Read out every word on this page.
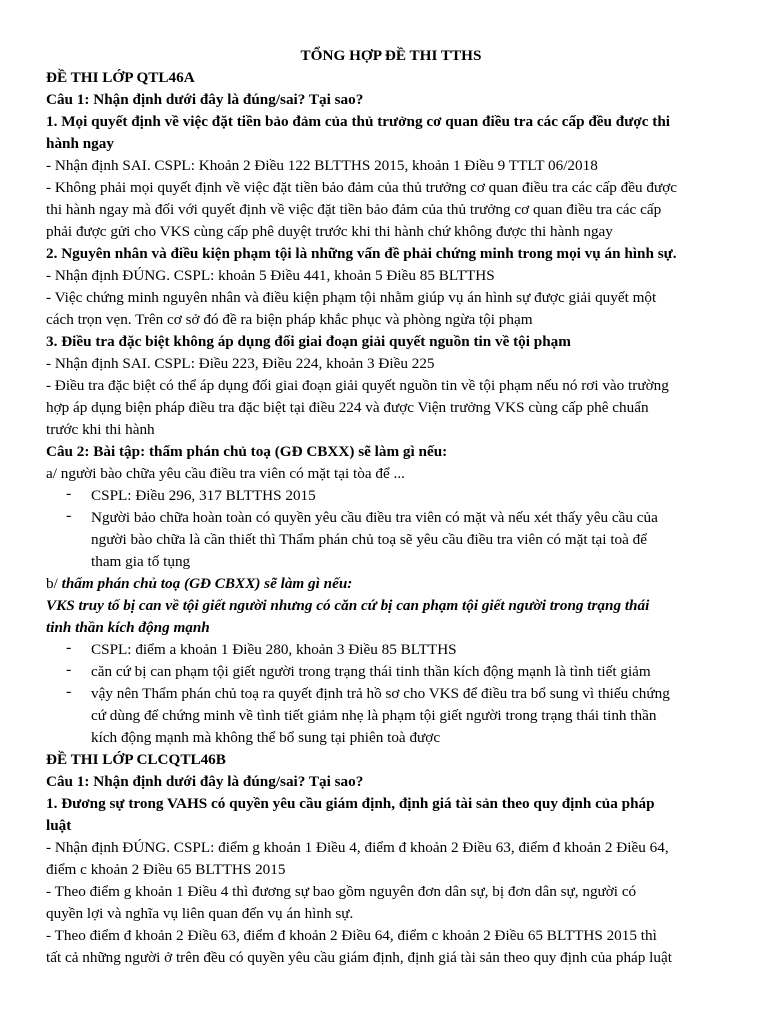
TỔNG HỢP ĐỀ THI TTHS
ĐỀ THI LỚP QTL46A
Câu 1: Nhận định dưới đây là đúng/sai? Tại sao?
1. Mọi quyết định về việc đặt tiền bảo đảm của thủ trưởng cơ quan điều tra các cấp đều được thi
hành ngay
- Nhận định SAI. CSPL: Khoản 2 Điều 122 BLTTHS 2015, khoản 1 Điều 9 TTLT 06/2018
- Không phải mọi quyết định về việc đặt tiền bảo đảm của thủ trưởng cơ quan điều tra các cấp đều được
thi hành ngay mà đối với quyết định về việc đặt tiền bảo đảm của thủ trưởng cơ quan điều tra các cấp
phải được gửi cho VKS cùng cấp phê duyệt trước khi thi hành chứ không được thi hành ngay
2. Nguyên nhân và điều kiện phạm tội là những vấn đề phải chứng minh trong mọi vụ án hình sự.
- Nhận định ĐÚNG. CSPL: khoản 5 Điều 441, khoản 5 Điều 85 BLTTHS
- Việc chứng minh nguyên nhân và điều kiện phạm tội nhằm giúp vụ án hình sự được giải quyết một
cách trọn vẹn. Trên cơ sở đó đề ra biện pháp khắc phục và phòng ngừa tội phạm
3. Điều tra đặc biệt không áp dụng đối giai đoạn giải quyết nguồn tin về tội phạm
- Nhận định SAI. CSPL: Điều 223, Điều 224, khoản 3 Điều 225
- Điều tra đặc biệt có thể áp dụng đối giai đoạn giải quyết nguồn tin về tội phạm nếu nó rơi vào trường
hợp áp dụng biện pháp điều tra đặc biệt tại điều 224 và được Viện trưởng VKS cùng cấp phê chuẩn
trước khi thi hành
Câu 2: Bài tập: thẩm phán chủ toạ (GĐ CBXX) sẽ làm gì nếu:
a/ người bào chữa yêu cầu điều tra viên có mặt tại tòa để ...
- CSPL: Điều 296, 317 BLTTHS 2015
- Người bảo chữa hoàn toàn có quyền yêu cầu điều tra viên có mặt và nếu xét thấy yêu cầu của
người bào chữa là cần thiết thì Thẩm phán chủ toạ sẽ yêu cầu điều tra viên có mặt tại toà để
tham gia tố tụng
b/ thẩm phán chủ toạ (GĐ CBXX) sẽ làm gì nếu:
VKS truy tố bị can về tội giết người nhưng có căn cứ bị can phạm tội giết người trong trạng thái
tinh thần kích động mạnh
- CSPL: điểm a khoản 1 Điều 280, khoản 3 Điều 85 BLTTHS
- căn cứ bị can phạm tội giết người trong trạng thái tinh thần kích động mạnh là tình tiết giảm
- vậy nên Thẩm phán chủ toạ ra quyết định trả hồ sơ cho VKS để điều tra bổ sung vì thiếu chứng
cứ dùng để chứng minh về tình tiết giảm nhẹ là phạm tội giết người trong trạng thái tinh thần
kích động mạnh mà không thể bổ sung tại phiên toà được
ĐỀ THI LỚP CLCQTL46B
Câu 1: Nhận định dưới đây là đúng/sai? Tại sao?
1. Đương sự trong VAHS có quyền yêu cầu giám định, định giá tài sản theo quy định của pháp
luật
- Nhận định ĐÚNG. CSPL: điểm g khoản 1 Điều 4, điểm đ khoản 2 Điều 63, điểm đ khoản 2 Điều 64,
điểm c khoản 2 Điều 65 BLTTHS 2015
- Theo điểm g khoản 1 Điều 4 thì đương sự bao gồm nguyên đơn dân sự, bị đơn dân sự, người có
quyền lợi và nghĩa vụ liên quan đến vụ án hình sự.
- Theo điểm đ khoản 2 Điều 63, điểm đ khoản 2 Điều 64, điểm c khoản 2 Điều 65 BLTTHS 2015 thì
tất cả những người ở trên đều có quyền yêu cầu giám định, định giá tài sản theo quy định của pháp luật
